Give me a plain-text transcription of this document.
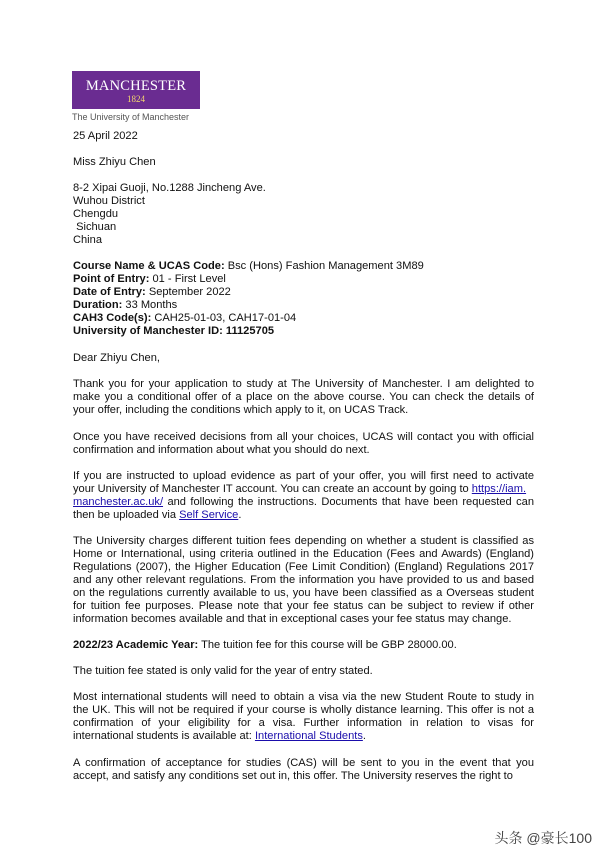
MANCHESTER
1824
The University of Manchester
25 April 2022
Miss Zhiyu Chen
8-2 Xipai Guoji, No.1288 Jincheng Ave.
Wuhou District
Chengdu
Sichuan
China
Course Name & UCAS Code: Bsc (Hons) Fashion Management 3M89
Point of Entry: 01 - First Level
Date of Entry: September 2022
Duration: 33 Months
CAH3 Code(s): CAH25-01-03, CAH17-01-04
University of Manchester ID: 11125705
Dear Zhiyu Chen,
Thank you for your application to study at The University of Manchester. I am delighted to make you a conditional offer of a place on the above course. You can check the details of your offer, including the conditions which apply to it, on UCAS Track.
Once you have received decisions from all your choices, UCAS will contact you with official confirmation and information about what you should do next.
If you are instructed to upload evidence as part of your offer, you will first need to activate your University of Manchester IT account. You can create an account by going to https://iam.
manchester.ac.uk/ and following the instructions. Documents that have been requested can then be uploaded via Self Service.
The University charges different tuition fees depending on whether a student is classified as Home or International, using criteria outlined in the Education (Fees and Awards) (England) Regulations (2007), the Higher Education (Fee Limit Condition) (England) Regulations 2017 and any other relevant regulations. From the information you have provided to us and based on the regulations currently available to us, you have been classified as a Overseas student for tuition fee purposes. Please note that your fee status can be subject to review if other information becomes available and that in exceptional cases your fee status may change.
2022/23 Academic Year: The tuition fee for this course will be GBP 28000.00.
The tuition fee stated is only valid for the year of entry stated.
Most international students will need to obtain a visa via the new Student Route to study in the UK. This will not be required if your course is wholly distance learning. This offer is not a confirmation of your eligibility for a visa. Further information in relation to visas for international students is available at: International Students.
A confirmation of acceptance for studies (CAS) will be sent to you in the event that you accept, and satisfy any conditions set out in, this offer. The University reserves the right to
头条 @豪长100
